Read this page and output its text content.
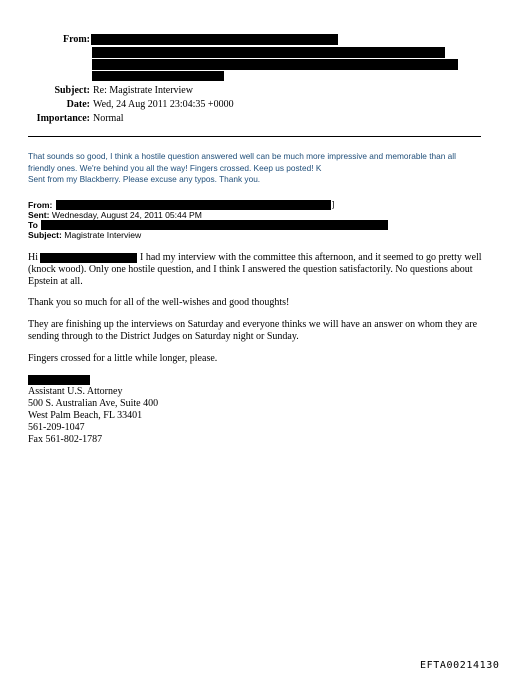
From:
Subject: Re: Magistrate Interview
Date: Wed, 24 Aug 2011 23:04:35 +0000
Importance: Normal
That sounds so good, I think a hostile question answered well can be much more impressive and memorable than all
friendly ones. We're behind you all the way! Fingers crossed. Keep us posted! K
Sent from my Blackberry. Please excuse any typos. Thank you.
From:	]
Sent: Wednesday, August 24, 2011 05:44 PM
To
Subject: Magistrate Interview
Hi	I had my interview with the committee this afternoon, and it seemed to go pretty well
(knock wood). Only one hostile question, and I think I answered the question satisfactorily. No questions about
Epstein at all.
Thank you so much for all of the well-wishes and good thoughts!
They are finishing up the interviews on Saturday and everyone thinks we will have an answer on whom they are
sending through to the District Judges on Saturday night or Sunday.
Fingers crossed for a little while longer, please.
Assistant U.S. Attorney
500 S. Australian Ave, Suite 400
West Palm Beach, FL 33401
561-209-1047
Fax 561-802-1787
EFTA00214130
